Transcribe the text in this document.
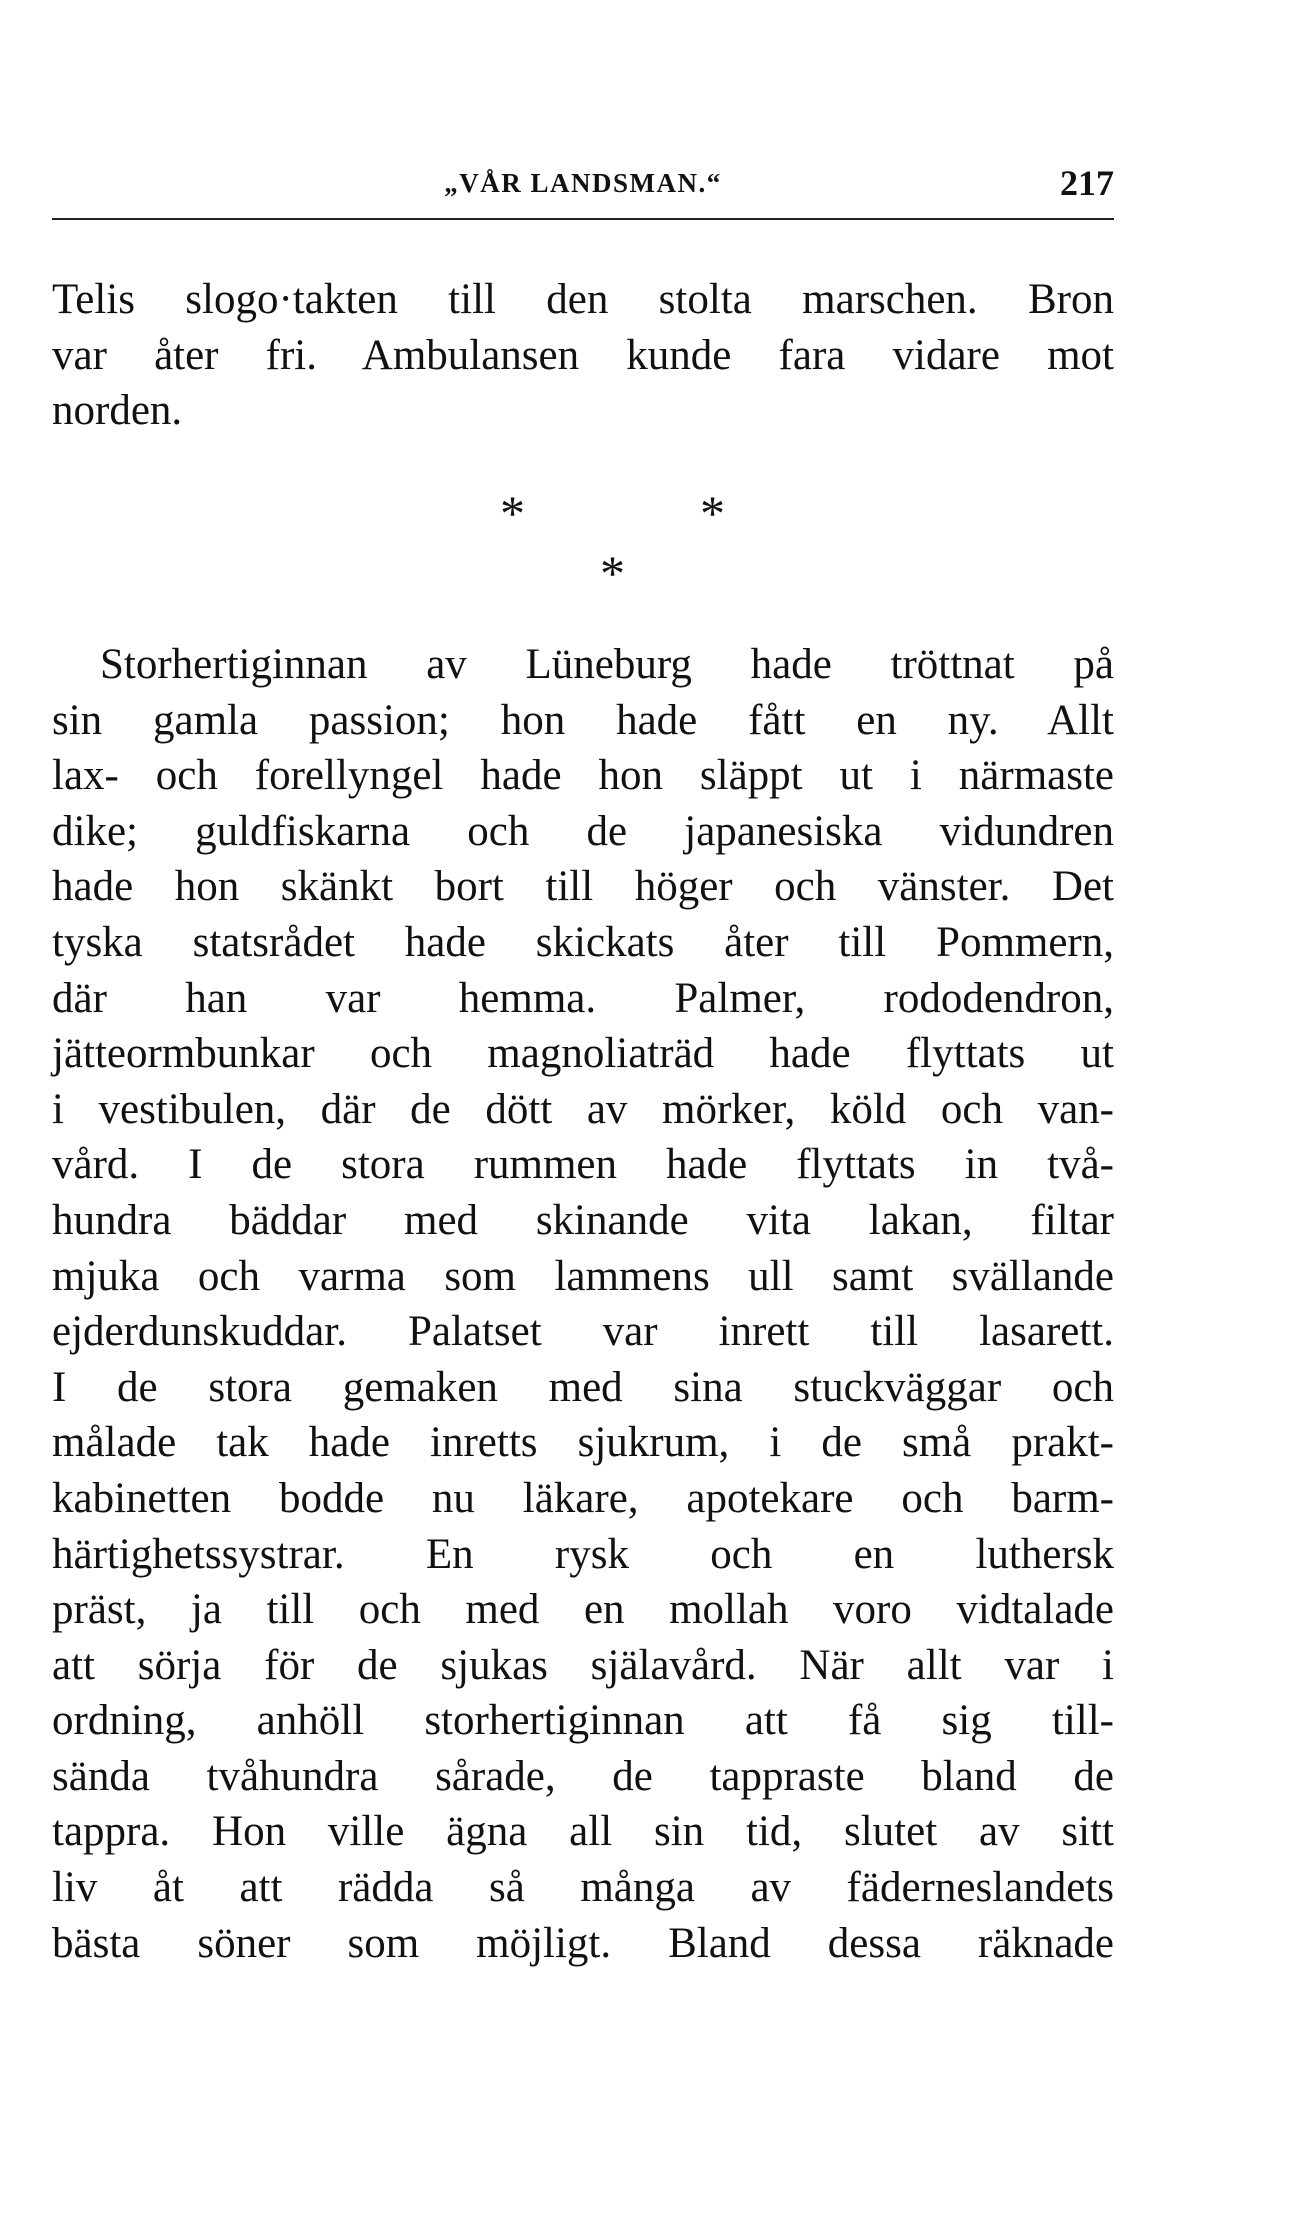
„VÅR LANDSMAN.“	217
Telis slogo·takten till den stolta marschen. Bron
var åter fri. Ambulansen kunde fara vidare mot
norden.
*	*
*
Storhertiginnan av Lüneburg hade tröttnat på
sin gamla passion; hon hade fått en ny. Allt
lax- och forellyngel hade hon släppt ut i närmaste
dike; guldfiskarna och de japanesiska vidundren
hade hon skänkt bort till höger och vänster. Det
tyska statsrådet hade skickats åter till Pommern,
där han var hemma. Palmer, rododendron,
jätteormbunkar och magnoliaträd hade flyttats ut
i vestibulen, där de dött av mörker, köld och van-
vård. I de stora rummen hade flyttats in två-
hundra bäddar med skinande vita lakan, filtar
mjuka och varma som lammens ull samt svällande
ejderdunskuddar. Palatset var inrett till lasarett.
I de stora gemaken med sina stuckväggar och
målade tak hade inretts sjukrum, i de små prakt-
kabinetten bodde nu läkare, apotekare och barm-
härtighetssystrar. En rysk och en luthersk
präst, ja till och med en mollah voro vidtalade
att sörja för de sjukas själavård. När allt var i
ordning, anhöll storhertiginnan att få sig till-
sända tvåhundra sårade, de tappraste bland de
tappra. Hon ville ägna all sin tid, slutet av sitt
liv åt att rädda så många av fäderneslandets
bästa söner som möjligt. Bland dessa räknade
